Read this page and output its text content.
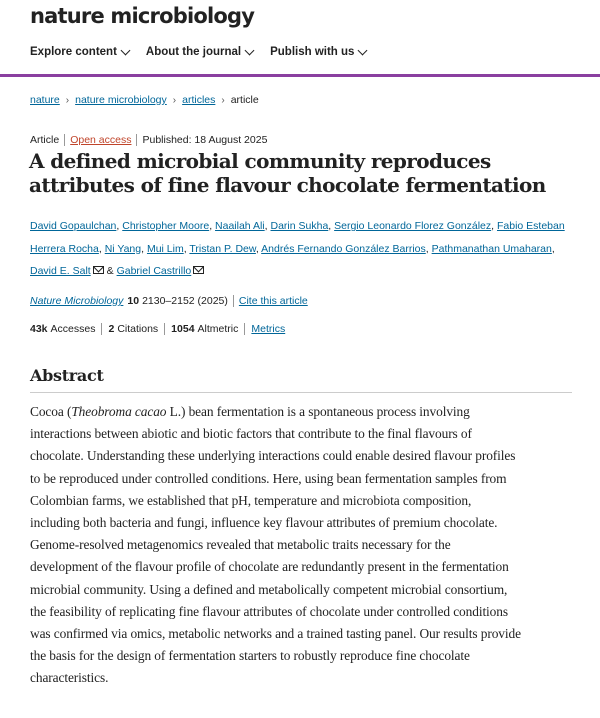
nature microbiology
Explore content	About the journal	Publish with us
nature › nature microbiology › articles › article
Article Open access Published: 18 August 2025
A defined microbial community reproduces attributes of fine flavour chocolate fermentation
David Gopaulchan, Christopher Moore, Naailah Ali, Darin Sukha, Sergio Leonardo Florez González, Fabio Esteban Herrera Rocha, Ni Yang, Mui Lim, Tristan P. Dew, Andrés Fernando González Barrios, Pathmanathan Umaharan, David E. Salt & Gabriel Castrillo
Nature Microbiology 10 2130–2152 (2025) Cite this article
43k Accesses 2 Citations 1054 Altmetric Metrics
Abstract
Cocoa (Theobroma cacao L.) bean fermentation is a spontaneous process involving
interactions between abiotic and biotic factors that contribute to the final flavours of
chocolate. Understanding these underlying interactions could enable desired flavour profiles
to be reproduced under controlled conditions. Here, using bean fermentation samples from
Colombian farms, we established that pH, temperature and microbiota composition,
including both bacteria and fungi, influence key flavour attributes of premium chocolate.
Genome-resolved metagenomics revealed that metabolic traits necessary for the
development of the flavour profile of chocolate are redundantly present in the fermentation
microbial community. Using a defined and metabolically competent microbial consortium,
the feasibility of replicating fine flavour attributes of chocolate under controlled conditions
was confirmed via omics, metabolic networks and a trained tasting panel. Our results provide
the basis for the design of fermentation starters to robustly reproduce fine chocolate
characteristics.
